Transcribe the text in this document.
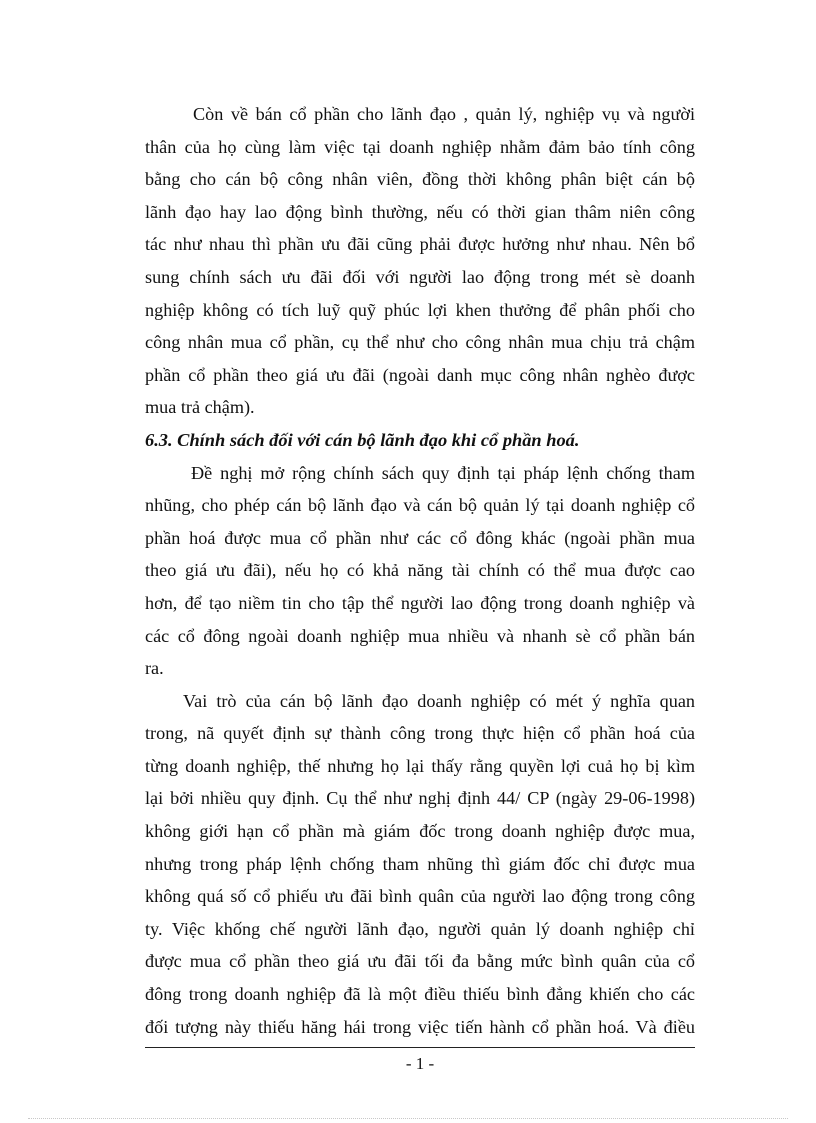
Còn về bán cổ phần cho lãnh đạo , quản lý, nghiệp vụ và người
thân của họ cùng làm việc tại doanh nghiệp nhằm đảm bảo tính công
bằng cho cán bộ công nhân viên, đồng thời không phân biệt cán bộ
lãnh đạo hay lao động bình thường, nếu có thời gian thâm niên công
tác như nhau thì phần ưu đãi cũng phải được hưởng như nhau. Nên bổ
sung chính sách ưu đãi đối với người lao động trong mét sè doanh
nghiệp không có tích luỹ quỹ phúc lợi khen thưởng để phân phối cho
công nhân mua cổ phần, cụ thể như cho công nhân mua chịu trả chậm
phần cổ phần theo giá ưu đãi (ngoài danh mục công nhân nghèo được
mua trả chậm).
6.3. Chính sách đối với cán bộ lãnh đạo khi cổ phần hoá.
Đề nghị mở rộng chính sách quy định tại pháp lệnh chống tham
nhũng, cho phép cán bộ lãnh đạo và cán bộ quản lý tại doanh nghiệp cổ
phần hoá được mua cổ phần như các cổ đông khác (ngoài phần mua
theo giá ưu đãi), nếu họ có khả năng tài chính có thể mua được cao
hơn, để tạo niềm tin cho tập thể người lao động trong doanh nghiệp và
các cổ đông ngoài doanh nghiệp mua nhiều và nhanh sè cổ phần bán
ra.
Vai trò của cán bộ lãnh đạo doanh nghiệp có mét ý nghĩa quan
trong, nã quyết định sự thành công trong thực hiện cổ phần hoá của
từng doanh nghiệp, thế nhưng họ lại thấy rằng quyền lợi cuả họ bị kìm
lại bởi nhiều quy định. Cụ thể như nghị định 44/ CP (ngày 29-06-1998)
không giới hạn cổ phần mà giám đốc trong doanh nghiệp được mua,
nhưng trong pháp lệnh chống tham nhũng thì giám đốc chỉ được mua
không quá số cổ phiếu ưu đãi bình quân của người lao động trong công
ty. Việc khống chế người lãnh đạo, người quản lý doanh nghiệp chỉ
được mua cổ phần theo giá ưu đãi tối đa bằng mức bình quân của cổ
đông trong doanh nghiệp đã là một điều thiếu bình đẳng khiến cho các
đối tượng này thiếu hăng hái trong việc tiến hành cổ phần hoá. Và điều
- 1 -
